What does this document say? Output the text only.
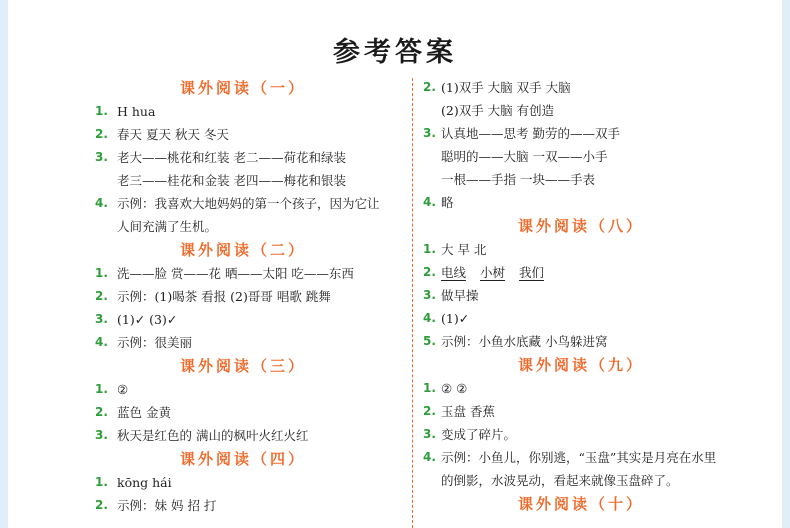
参考答案
课外阅读（一）
1. H hua
2. 春天 夏天 秋天 冬天
3. 老大——桃花和红装 老二——荷花和绿装
老三——桂花和金装 老四——梅花和银装
4. 示例：我喜欢大地妈妈的第一个孩子，因为它让
人间充满了生机。
课外阅读（二）
1. 洗——脸 赏——花 晒——太阳 吃——东西
2. 示例：(1)喝茶 看报 (2)哥哥 唱歌 跳舞
3. (1)✓ (3)✓
4. 示例：很美丽
课外阅读（三）
1. ②
2. 蓝色 金黄
3. 秋天是红色的 满山的枫叶火红火红
课外阅读（四）
1. kōng hái
2. 示例：妹 妈 招 打
2. (1)双手 大脑 双手 大脑
(2)双手 大脑 有创造
3. 认真地——思考 勤劳的——双手
聪明的——大脑 一双——小手
一根——手指 一块——手表
4. 略
课外阅读（八）
1. 大 早 北
2. 电线 小树 我们
3. 做早操
4. (1)✓
5. 示例：小鱼水底藏 小鸟躲进窝
课外阅读（九）
1. ② ②
2. 玉盘 香蕉
3. 变成了碎片。
4. 示例：小鱼儿，你别逃，“玉盘”其实是月亮在水里
的倒影，水波晃动，看起来就像玉盘碎了。
课外阅读（十）
